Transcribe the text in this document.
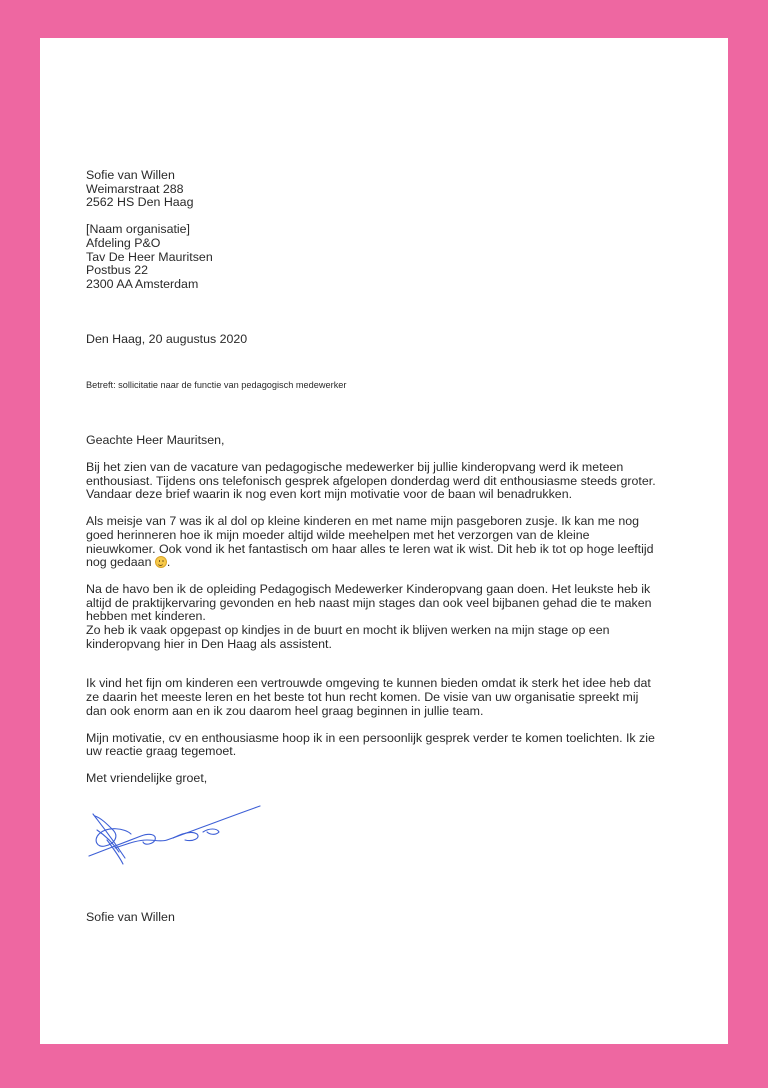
Sofie van Willen
Weimarstraat 288
2562 HS Den Haag
[Naam organisatie]
Afdeling P&O
Tav De Heer Mauritsen
Postbus 22
2300 AA Amsterdam
Den Haag, 20 augustus 2020
Betreft: sollicitatie naar de functie van pedagogisch medewerker
Geachte Heer Mauritsen,

Bij het zien van de vacature van pedagogische medewerker bij jullie kinderopvang werd ik meteen enthousiast. Tijdens ons telefonisch gesprek afgelopen donderdag werd dit enthousiasme steeds groter. Vandaar deze brief waarin ik nog even kort mijn motivatie voor de baan wil benadrukken.

Als meisje van 7 was ik al dol op kleine kinderen en met name mijn pasgeboren zusje. Ik kan me nog goed herinneren hoe ik mijn moeder altijd wilde meehelpen met het verzorgen van de kleine nieuwkomer. Ook vond ik het fantastisch om haar alles te leren wat ik wist. Dit heb ik tot op hoge leeftijd nog gedaan .

Na de havo ben ik de opleiding Pedagogisch Medewerker Kinderopvang gaan doen. Het leukste heb ik altijd de praktijkervaring gevonden en heb naast mijn stages dan ook veel bijbanen gehad die te maken hebben met kinderen.

Zo heb ik vaak opgepast op kindjes in de buurt en mocht ik blijven werken na mijn stage op een kinderopvang hier in Den Haag als assistent.

Ik vind het fijn om kinderen een vertrouwde omgeving te kunnen bieden omdat ik sterk het idee heb dat ze daarin het meeste leren en het beste tot hun recht komen. De visie van uw organisatie spreekt mij dan ook enorm aan en ik zou daarom heel graag beginnen in jullie team.

Mijn motivatie, cv en enthousiasme hoop ik in een persoonlijk gesprek verder te komen toelichten. Ik zie uw reactie graag tegemoet.

Met vriendelijke groet,

Sofie van Willen
